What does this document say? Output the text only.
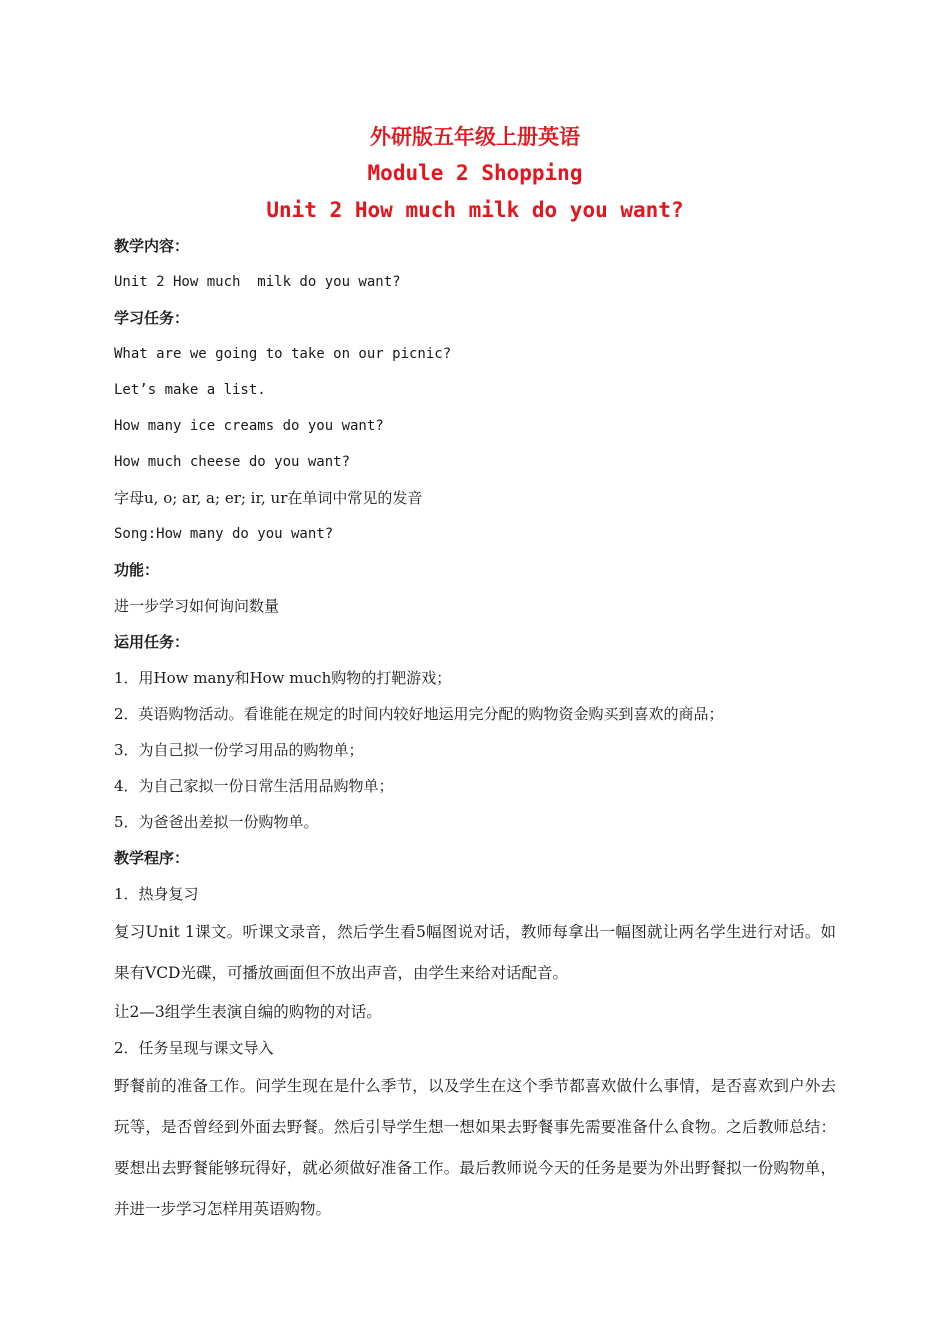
外研版五年级上册英语
Module 2 Shopping
Unit 2 How much milk do you want?
教学内容：
Unit 2 How much  milk do you want?
学习任务：
What are we going to take on our picnic?
Let’s make a list.
How many ice creams do you want?
How much cheese do you want?
字母u, o; ar, a; er; ir, ur在单词中常见的发音
Song:How many do you want?
功能：
进一步学习如何询问数量
运用任务：
1．用How many和How much购物的打靶游戏；
2．英语购物活动。看谁能在规定的时间内较好地运用完分配的购物资金购买到喜欢的商品；
3．为自己拟一份学习用品的购物单；
4．为自己家拟一份日常生活用品购物单；
5．为爸爸出差拟一份购物单。
教学程序：
1．热身复习
复习Unit 1课文。听课文录音，然后学生看5幅图说对话，教师每拿出一幅图就让两名学生进行对话。如果有VCD光碟，可播放画面但不放出声音，由学生来给对话配音。
让2—3组学生表演自编的购物的对话。
2．任务呈现与课文导入
野餐前的准备工作。问学生现在是什么季节，以及学生在这个季节都喜欢做什么事情，是否喜欢到户外去玩等，是否曾经到外面去野餐。然后引导学生想一想如果去野餐事先需要准备什么食物。之后教师总结：要想出去野餐能够玩得好，就必须做好准备工作。最后教师说今天的任务是要为外出野餐拟一份购物单，并进一步学习怎样用英语购物。
